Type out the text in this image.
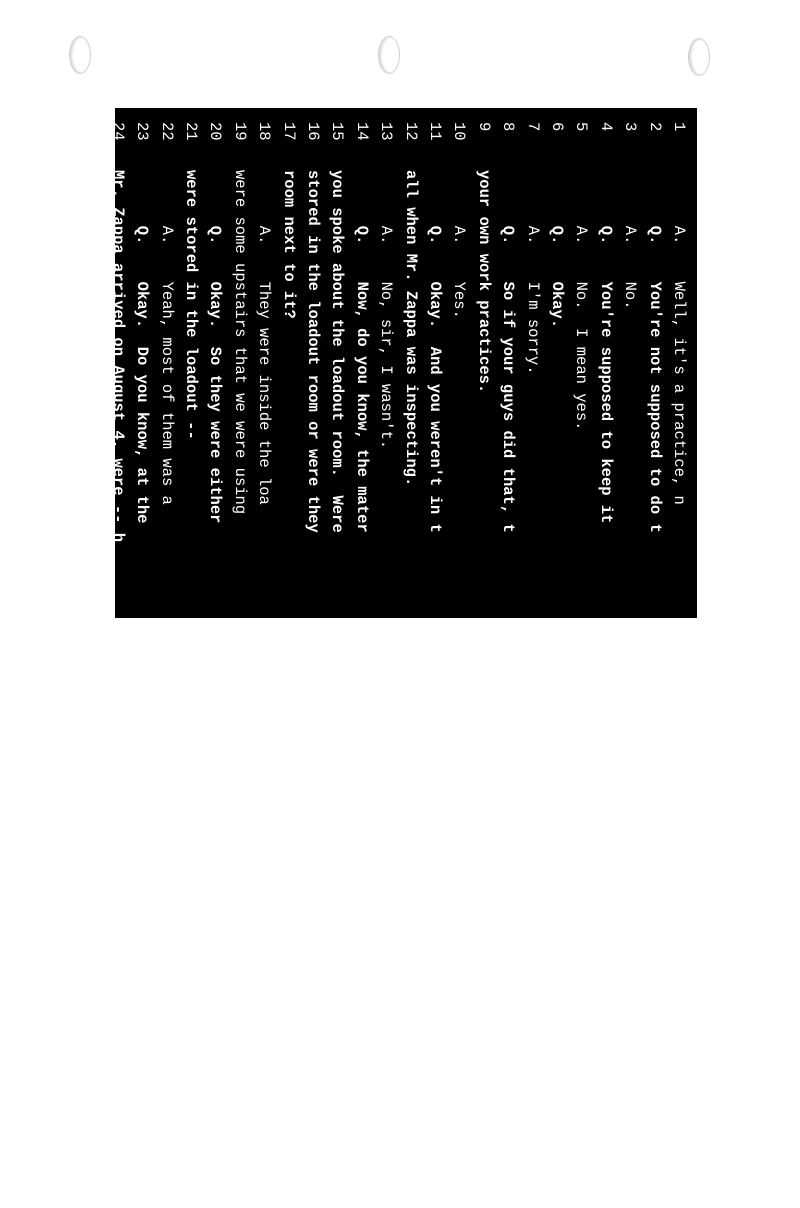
1
A.    Well, it's a practice, n
2
Q.    You're not supposed to do t
3
A.    No.
4
Q.    You're supposed to keep it
5
A.    No.  I mean yes.
6
Q.    Okay.
7
A.    I'm sorry.
8
Q.    So if your guys did that, t
9
your own work practices.
10
A.    Yes.
11
Q.    Okay.  And you weren't in t
12
all when Mr. Zappa was inspecting.
13
A.    No, sir, I wasn't.
14
Q.    Now, do you know, the mater
15
you spoke about the loadout room.  Were
16
stored in the loadout room or were they
17
room next to it?
18
A.    They were inside the loa
19
were some upstairs that we were using
20
Q.    Okay.  So they were either
21
were stored in the loadout --
22
A.    Yeah, most of them was a
23
Q.    Okay.  Do you know, at the
24
Mr. Zappa arrived on August 4, were -- h
